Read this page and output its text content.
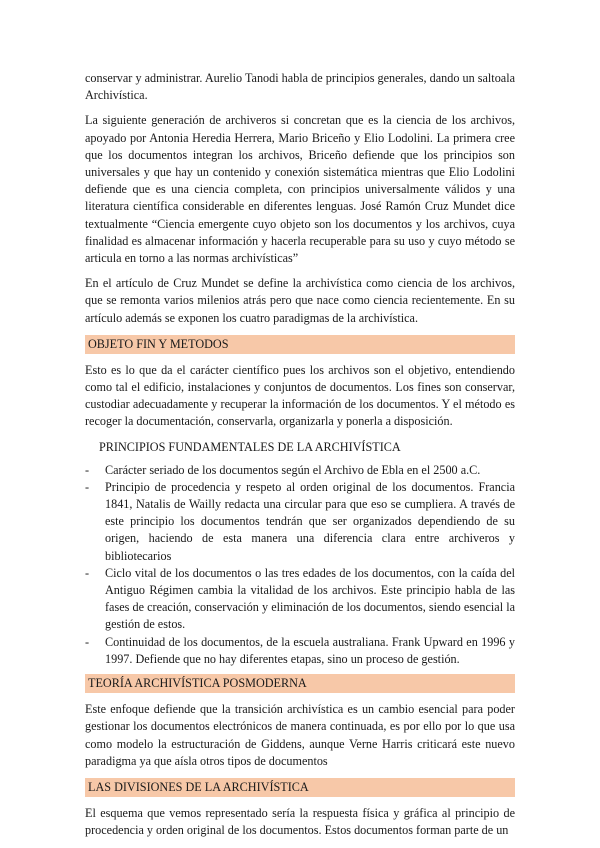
conservar y administrar. Aurelio Tanodi habla de principios generales, dando un saltoala Archivística.

La siguiente generación de archiveros si concretan que es la ciencia de los archivos, apoyado por Antonia Heredia Herrera, Mario Briceño y Elio Lodolini. La primera cree que los documentos integran los archivos, Briceño defiende que los principios son universales y que hay un contenido y conexión sistemática mientras que Elio Lodolini defiende que es una ciencia completa, con principios universalmente válidos y una literatura científica considerable en diferentes lenguas. José Ramón Cruz Mundet dice textualmente “Ciencia emergente cuyo objeto son los documentos y los archivos, cuya finalidad es almacenar información y hacerla recuperable para su uso y cuyo método se articula en torno a las normas archivísticas”

En el artículo de Cruz Mundet se define la archivística como ciencia de los archivos, que se remonta varios milenios atrás pero que nace como ciencia recientemente. En su artículo además se exponen los cuatro paradigmas de la archivística.

OBJETO FIN Y METODOS

Esto es lo que da el carácter científico pues los archivos son el objetivo, entendiendo como tal el edificio, instalaciones y conjuntos de documentos. Los fines son conservar, custodiar adecuadamente y recuperar la información de los documentos. Y el método es recoger la documentación, conservarla, organizarla y ponerla a disposición.

PRINCIPIOS FUNDAMENTALES DE LA ARCHIVÍSTICA
- Carácter seriado de los documentos según el Archivo de Ebla en el 2500 a.C.
- Principio de procedencia y respeto al orden original de los documentos. Francia 1841, Natalis de Wailly redacta una circular para que eso se cumpliera. A través de este principio los documentos tendrán que ser organizados dependiendo de su origen, haciendo de esta manera una diferencia clara entre archiveros y bibliotecarios
- Ciclo vital de los documentos o las tres edades de los documentos, con la caída del Antiguo Régimen cambia la vitalidad de los archivos. Este principio habla de las fases de creación, conservación y eliminación de los documentos, siendo esencial la gestión de estos.
- Continuidad de los documentos, de la escuela australiana. Frank Upward en 1996 y 1997. Defiende que no hay diferentes etapas, sino un proceso de gestión.
TEORÍA ARCHIVÍSTICA POSMODERNA

Este enfoque defiende que la transición archivística es un cambio esencial para poder gestionar los documentos electrónicos de manera continuada, es por ello por lo que usa como modelo la estructuración de Giddens, aunque Verne Harris criticará este nuevo paradigma ya que aísla otros tipos de documentos

LAS DIVISIONES DE LA ARCHIVÍSTICA

El esquema que vemos representado sería la respuesta física y gráfica al principio de procedencia y orden original de los documentos. Estos documentos forman parte de un
